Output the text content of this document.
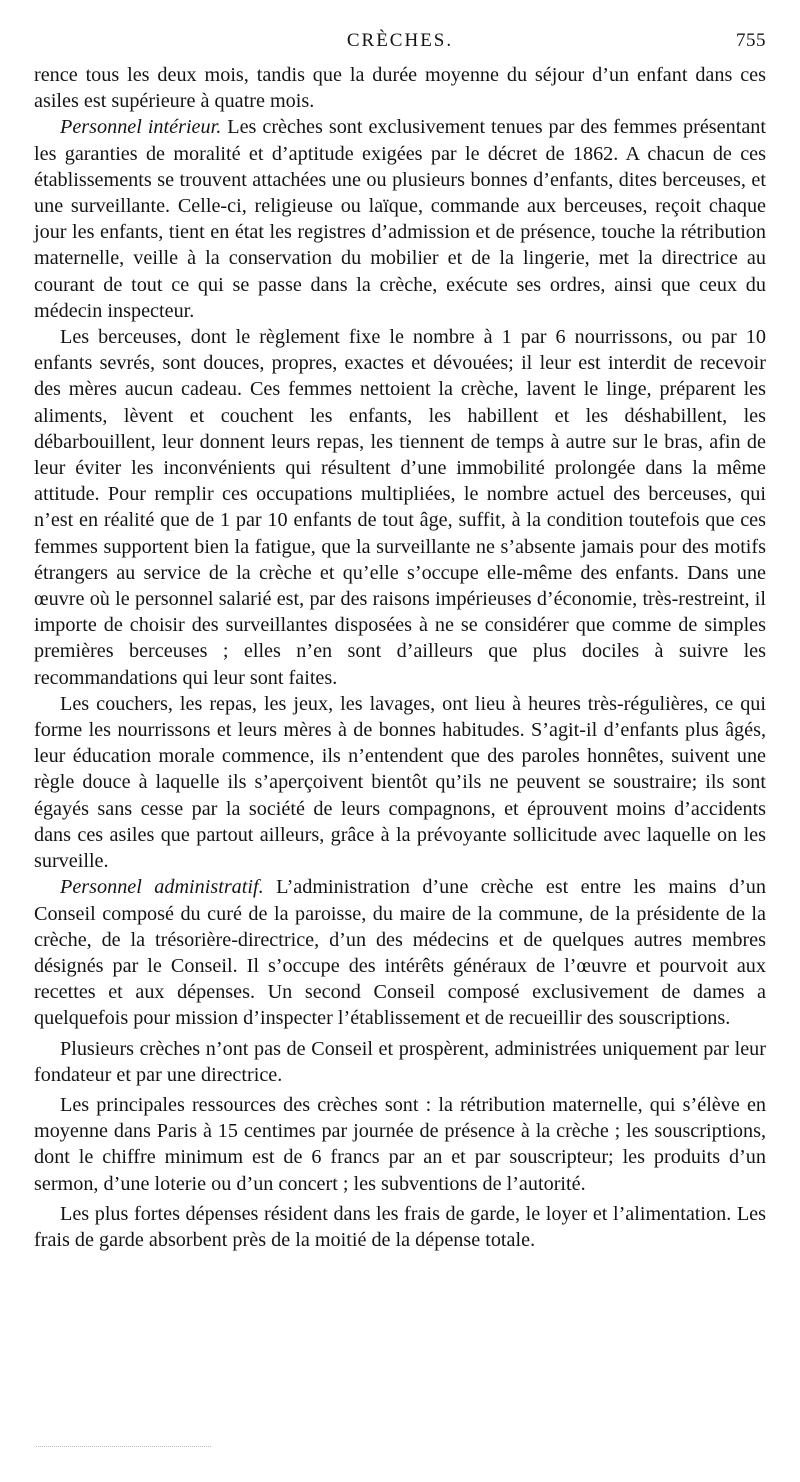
CRÈCHES.	755

rence tous les deux mois, tandis que la durée moyenne du séjour d’un enfant dans ces asiles est supérieure à quatre mois.

Personnel intérieur. Les crèches sont exclusivement tenues par des femmes présentant les garanties de moralité et d’aptitude exigées par le décret de 1862. A chacun de ces établissements se trouvent attachées une ou plusieurs bonnes d’enfants, dites berceuses, et une surveillante. Celle-ci, religieuse ou laïque, commande aux berceuses, reçoit chaque jour les enfants, tient en état les registres d’admission et de présence, touche la rétribution maternelle, veille à la conservation du mobilier et de la lingerie, met la directrice au courant de tout ce qui se passe dans la crèche, exécute ses ordres, ainsi que ceux du médecin inspecteur.

Les berceuses, dont le règlement fixe le nombre à 1 par 6 nourrissons, ou par 10 enfants sevrés, sont douces, propres, exactes et dévouées; il leur est interdit de recevoir des mères aucun cadeau. Ces femmes nettoient la crèche, lavent le linge, préparent les aliments, lèvent et couchent les enfants, les habillent et les déshabillent, les débarbouillent, leur donnent leurs repas, les tiennent de temps à autre sur le bras, afin de leur éviter les inconvénients qui résultent d’une immobilité prolongée dans la même attitude. Pour remplir ces occupations multipliées, le nombre actuel des berceuses, qui n’est en réalité que de 1 par 10 enfants de tout âge, suffit, à la condition toutefois que ces femmes supportent bien la fatigue, que la surveillante ne s’absente jamais pour des motifs étrangers au service de la crèche et qu’elle s’occupe elle-même des enfants. Dans une œuvre où le personnel salarié est, par des raisons impérieuses d’économie, très-restreint, il importe de choisir des surveillantes disposées à ne se considérer que comme de simples premières berceuses ; elles n’en sont d’ailleurs que plus dociles à suivre les recommandations qui leur sont faites.

Les couchers, les repas, les jeux, les lavages, ont lieu à heures très-régulières, ce qui forme les nourrissons et leurs mères à de bonnes habitudes. S’agit-il d’enfants plus âgés, leur éducation morale commence, ils n’entendent que des paroles honnêtes, suivent une règle douce à laquelle ils s’aperçoivent bientôt qu’ils ne peuvent se soustraire; ils sont égayés sans cesse par la société de leurs compagnons, et éprouvent moins d’accidents dans ces asiles que partout ailleurs, grâce à la prévoyante sollicitude avec laquelle on les surveille.

Personnel administratif. L’administration d’une crèche est entre les mains d’un Conseil composé du curé de la paroisse, du maire de la commune, de la présidente de la crèche, de la trésorière-directrice, d’un des médecins et de quelques autres membres désignés par le Conseil. Il s’occupe des intérêts généraux de l’œuvre et pourvoit aux recettes et aux dépenses. Un second Conseil composé exclusivement de dames a quelquefois pour mission d’inspecter l’établissement et de recueillir des souscriptions.

Plusieurs crèches n’ont pas de Conseil et prospèrent, administrées uniquement par leur fondateur et par une directrice.

Les principales ressources des crèches sont : la rétribution maternelle, qui s’élève en moyenne dans Paris à 15 centimes par journée de présence à la crèche ; les souscriptions, dont le chiffre minimum est de 6 francs par an et par souscripteur; les produits d’un sermon, d’une loterie ou d’un concert ; les subventions de l’autorité.

Les plus fortes dépenses résident dans les frais de garde, le loyer et l’alimentation. Les frais de garde absorbent près de la moitié de la dépense totale.
